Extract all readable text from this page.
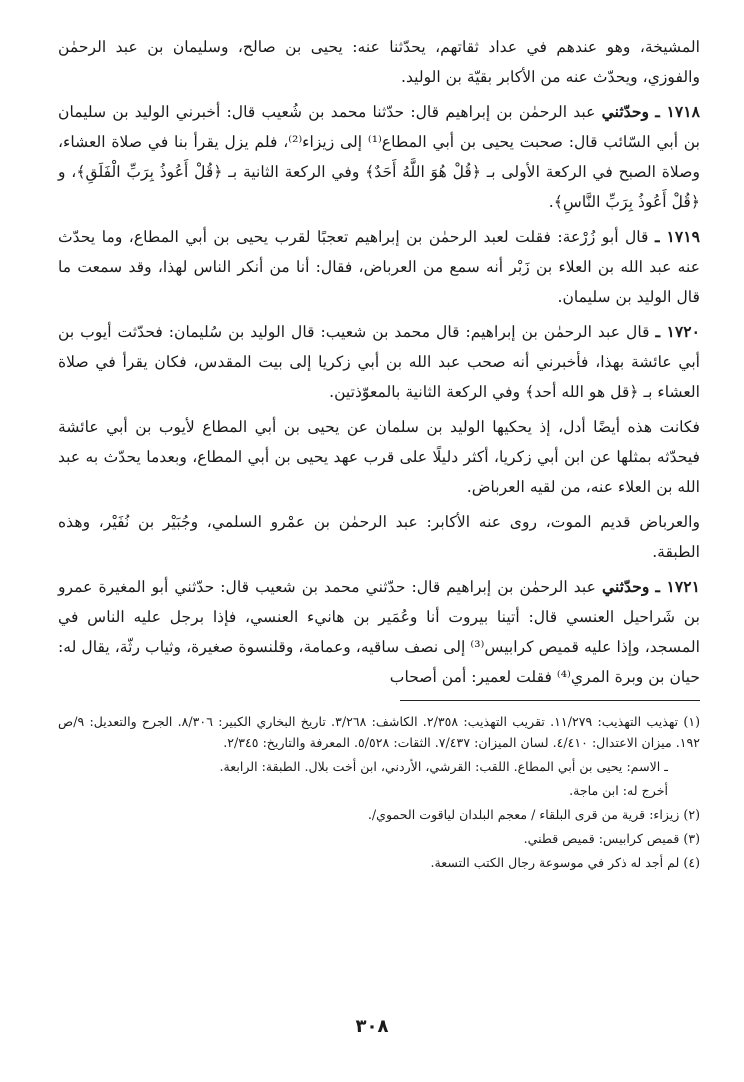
المشيخة، وهو عندهم في عداد ثقاتهم، يحدّثنا عنه: يحيى بن صالح، وسليمان بن عبد الرحمٰن والفوزي، ويحدّث عنه من الأكابر بقيّة بن الوليد.

١٧١٨ ـ وحدّثني عبد الرحمٰن بن إبراهيم قال: حدّثنا محمد بن شُعيب قال: أخبرني الوليد بن سليمان بن أبي السّائب قال: صحبت يحيى بن أبي المطاع⁽¹⁾ إلى زيزاء⁽²⁾، فلم يزل يقرأ بنا في صلاة العشاء، وصلاة الصبح في الركعة الأولى بـ ﴿قُلْ هُوَ اللَّهُ أَحَدٌ﴾ وفي الركعة الثانية بـ ﴿قُلْ أَعُوذُ بِرَبِّ الْفَلَقِ﴾، و ﴿قُلْ أَعُوذُ بِرَبِّ النَّاسِ﴾.

١٧١٩ ـ قال أبو زُرْعة: فقلت لعبد الرحمٰن بن إبراهيم تعجبًا لقرب يحيى بن أبي المطاع، وما يحدّث عنه عبد الله بن العلاء بن زَبْر أنه سمع من العرباض، فقال: أنا من أنكر الناس لهذا، وقد سمعت ما قال الوليد بن سليمان.

١٧٢٠ ـ قال عبد الرحمٰن بن إبراهيم: قال محمد بن شعيب: قال الوليد بن سُليمان: فحدّثت أيوب بن أبي عائشة بهذا، فأخبرني أنه صحب عبد الله بن أبي زكريا إلى بيت المقدس، فكان يقرأ في صلاة العشاء بـ ﴿قل هو الله أحد﴾ وفي الركعة الثانية بالمعوّذتين.

فكانت هذه أيضًا أدل، إذ يحكيها الوليد بن سلمان عن يحيى بن أبي المطاع لأيوب بن أبي عائشة فيحدّثه بمثلها عن ابن أبي زكريا، أكثر دليلًا على قرب عهد يحيى بن أبي المطاع، وبعدما يحدّث به عبد الله بن العلاء عنه، من لقيه العرباض.

والعرباض قديم الموت، روى عنه الأكابر: عبد الرحمٰن بن عمْرو السلمي، وجُبَيْر بن نُفَيْر، وهذه الطبقة.

١٧٢١ ـ وحدّثني عبد الرحمٰن بن إبراهيم قال: حدّثني محمد بن شعيب قال: حدّثني أبو المغيرة عمرو بن شَراحيل العنسي قال: أتينا بيروت أنا وعُمَير بن هانيء العنسي، فإذا برجل عليه الناس في المسجد، وإذا عليه قميص كرابيس⁽³⁾ إلى نصف ساقيه، وعمامة، وقلنسوة صغيرة، وثياب رثّة، يقال له: حيان بن وبرة المري⁽⁴⁾ فقلت لعمير: أمن أصحاب

(١) تهذيب التهذيب: ١١/٢٧٩. تقريب التهذيب: ٢/٣٥٨. الكاشف: ٣/٢٦٨. تاريخ البخاري الكبير: ٨/٣٠٦. الجرح والتعديل: ٩/ص ١٩٢. ميزان الاعتدال: ٤/٤١٠. لسان الميزان: ٧/٤٣٧. الثقات: ٥/٥٢٨. المعرفة والتاريخ: ٢/٣٤٥.

ـ الاسم: يحيى بن أبي المطاع. اللقب: القرشي، الأردني، ابن أخت بلال. الطبقة: الرابعة.

أخرج له: ابن ماجة.

(٢) زيزاء: قرية من قرى البلقاء / معجم البلدان لياقوت الحموي/.

(٣) قميص كرابيس: قميص قطني.

(٤) لم أجد له ذكر في موسوعة رجال الكتب التسعة.

٣٠٨
